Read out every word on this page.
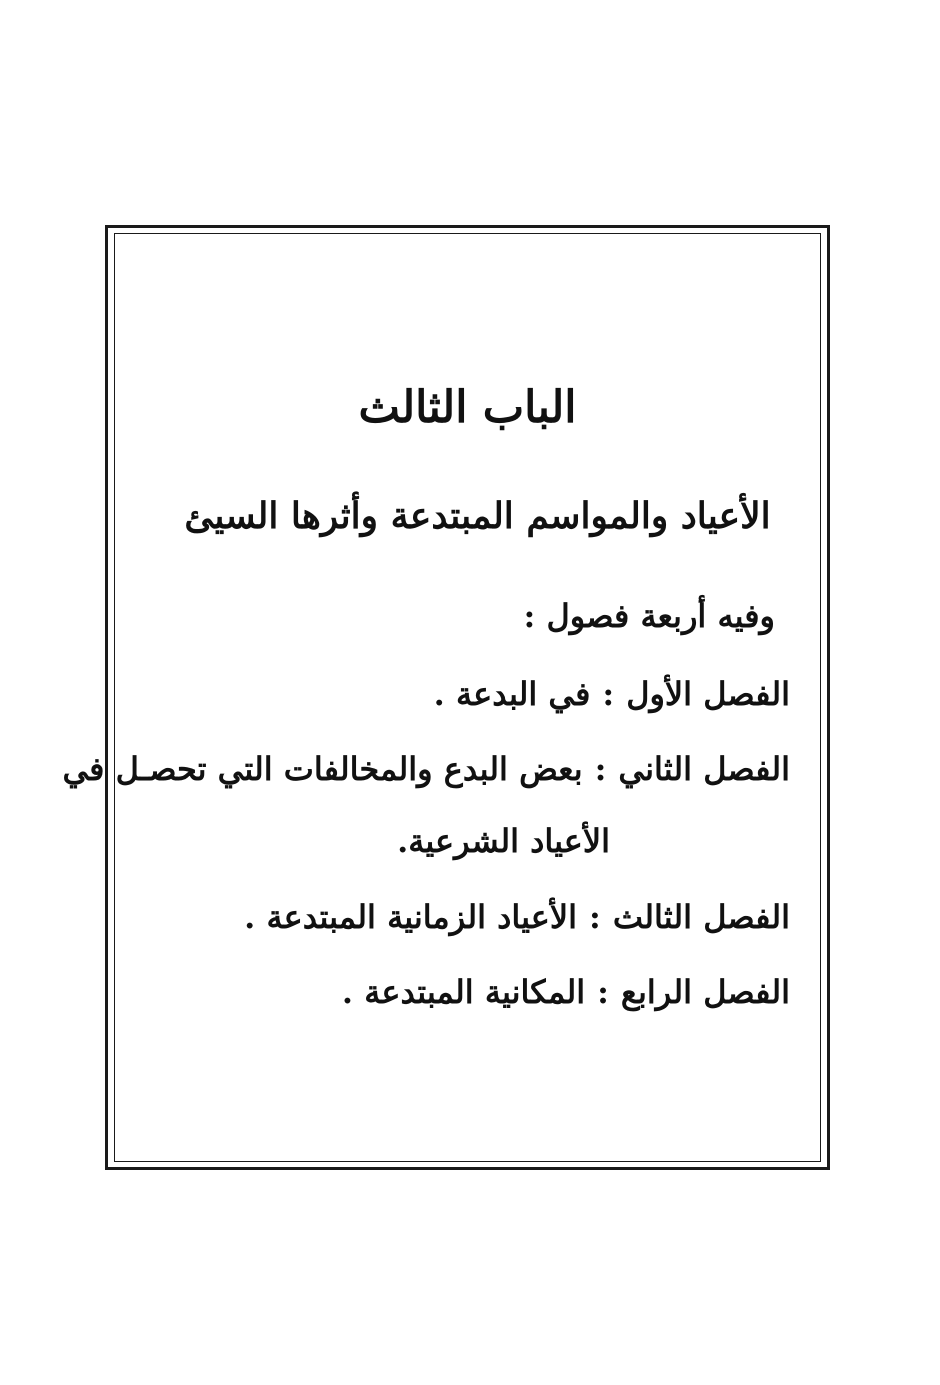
الباب الثالث
الأعياد والمواسم المبتدعة وأثرها السيئ
وفيه أربعة فصول :
الفصل الأول:في البدعة .
الفصل الثاني:بعض البدع والمخالفات التي تحصـل في
الأعياد الشرعية.
الفصل الثالث:الأعياد الزمانية المبتدعة .
الفصل الرابع:المكانية المبتدعة .
